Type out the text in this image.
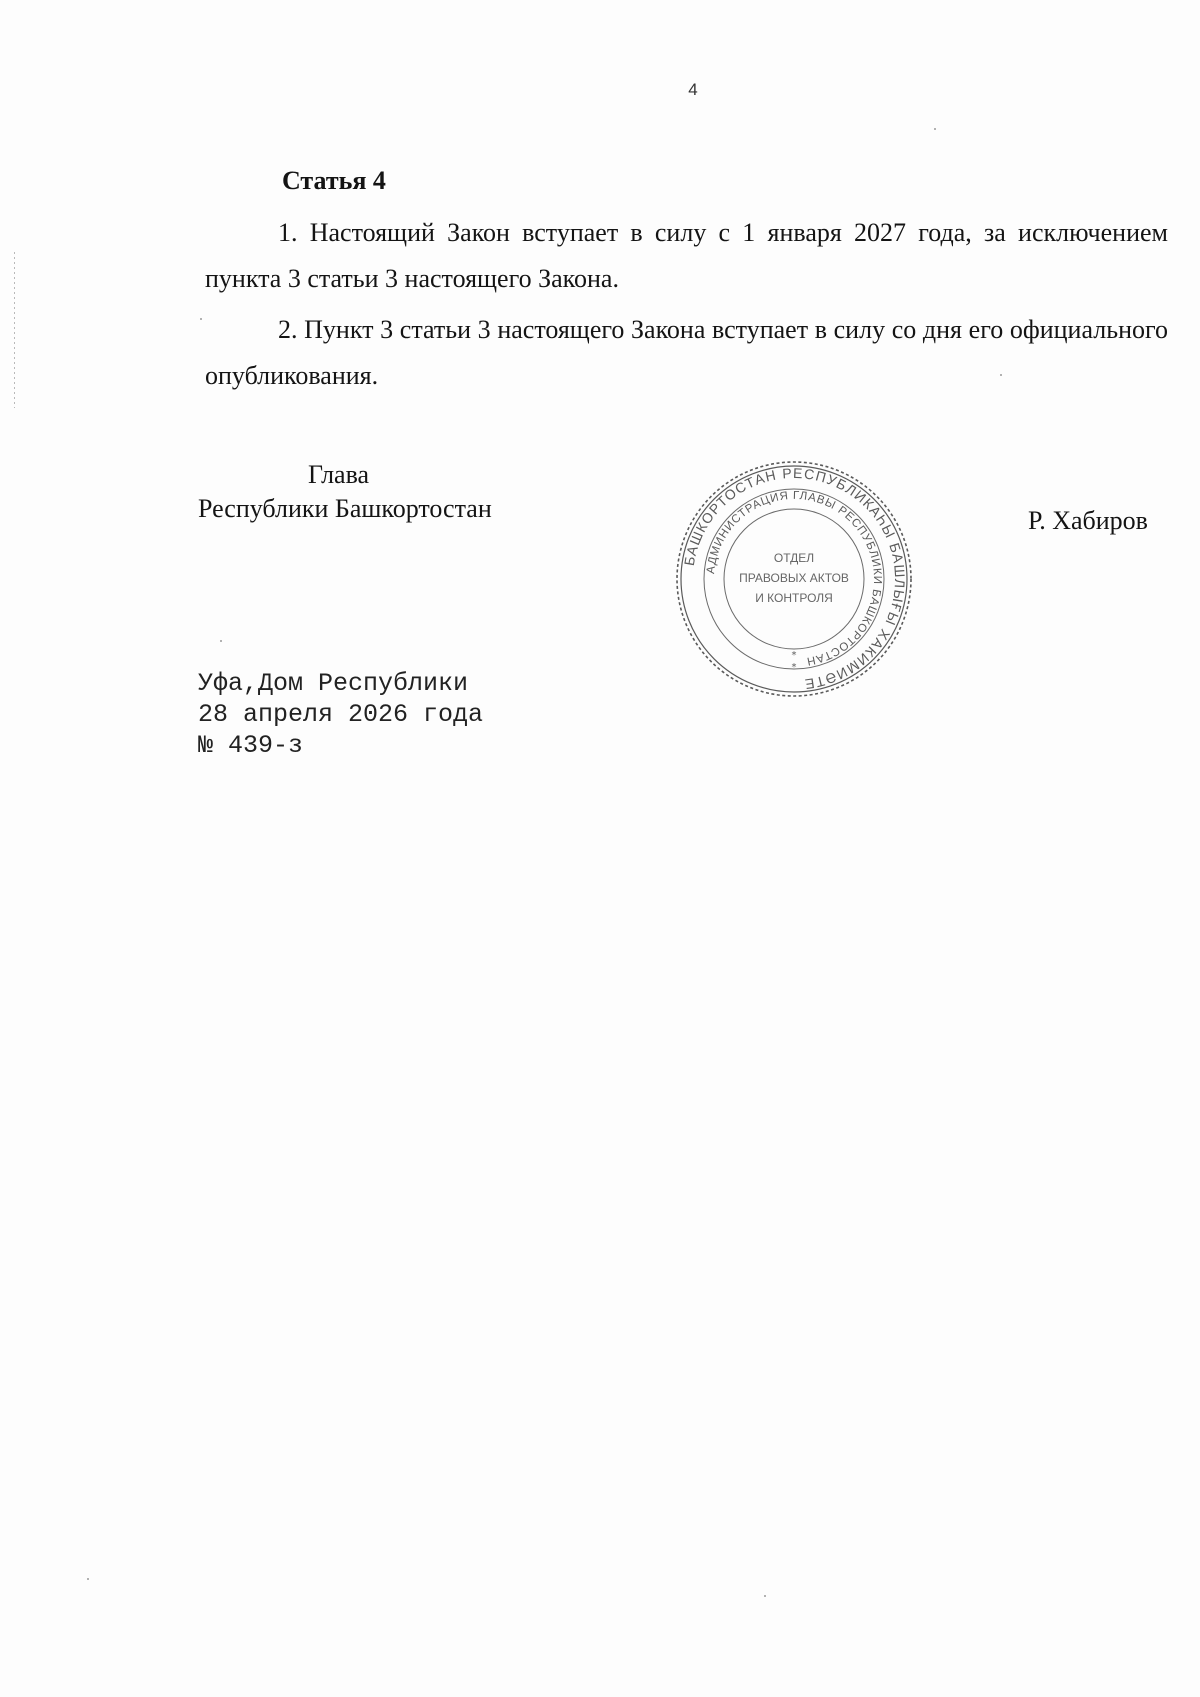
4
Статья 4
1. Настоящий Закон вступает в силу с 1 января 2027 года, за исключением пункта 3 статьи 3 настоящего Закона.
2. Пункт 3 статьи 3 настоящего Закона вступает в силу со дня его официального опубликования.
Глава
Республики Башкортостан
БАШКОРТОСТАН РЕСПУБЛИКАҺЫ БАШЛЫҒЫ ХАКИМИӘТЕ
АДМИНИСТРАЦИЯ ГЛАВЫ РЕСПУБЛИКИ БАШКОРТОСТАН
ОТДЕЛ
ПРАВОВЫХ АКТОВ
И КОНТРОЛЯ
*
*
Р. Хабиров
Уфа,Дом Республики
28 апреля 2026 года
№ 439-з
